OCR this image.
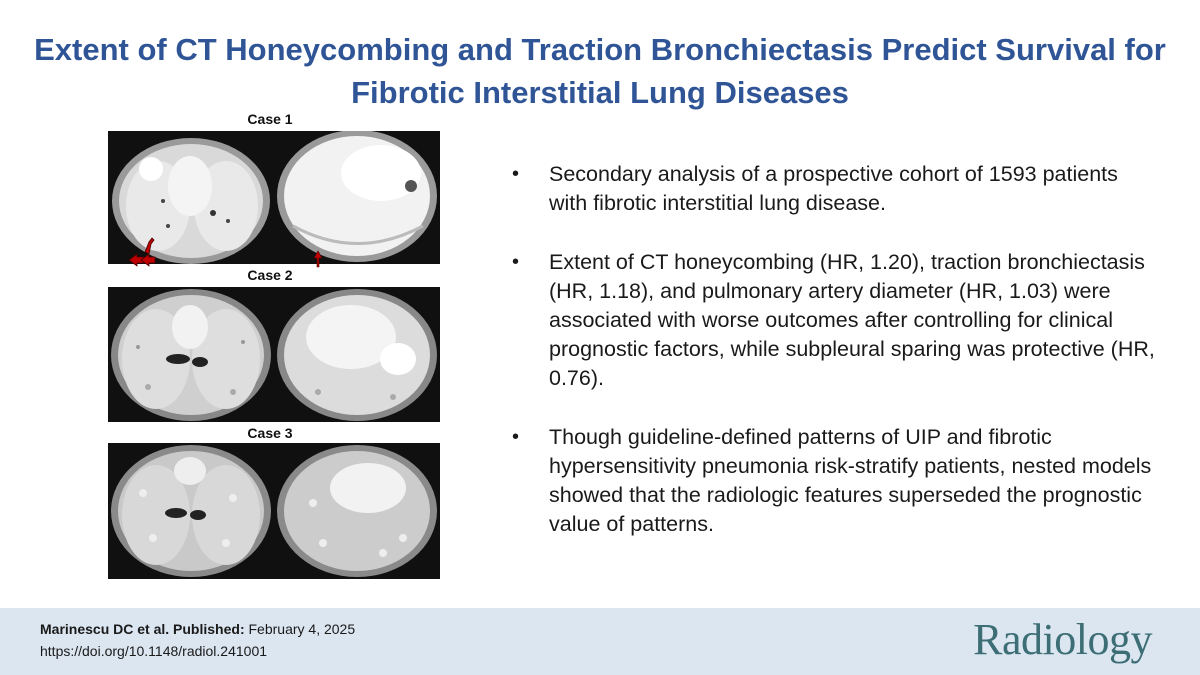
Extent of CT Honeycombing and Traction Bronchiectasis Predict Survival for
Fibrotic Interstitial Lung Diseases
Case 1
Case 2
Case 3
•	Secondary analysis of a prospective cohort of 1593 patients with fibrotic interstitial lung disease.
•	Extent of CT honeycombing (HR, 1.20), traction bronchiectasis (HR, 1.18), and pulmonary artery diameter (HR, 1.03) were associated with worse outcomes after controlling for clinical prognostic factors, while subpleural sparing was protective (HR, 0.76).
•	Though guideline-defined patterns of UIP and fibrotic hypersensitivity pneumonia risk-stratify patients, nested models showed that the radiologic features superseded the prognostic value of patterns.
Marinescu DC et al. Published: February 4, 2025
https://doi.org/10.1148/radiol.241001	Radiology
